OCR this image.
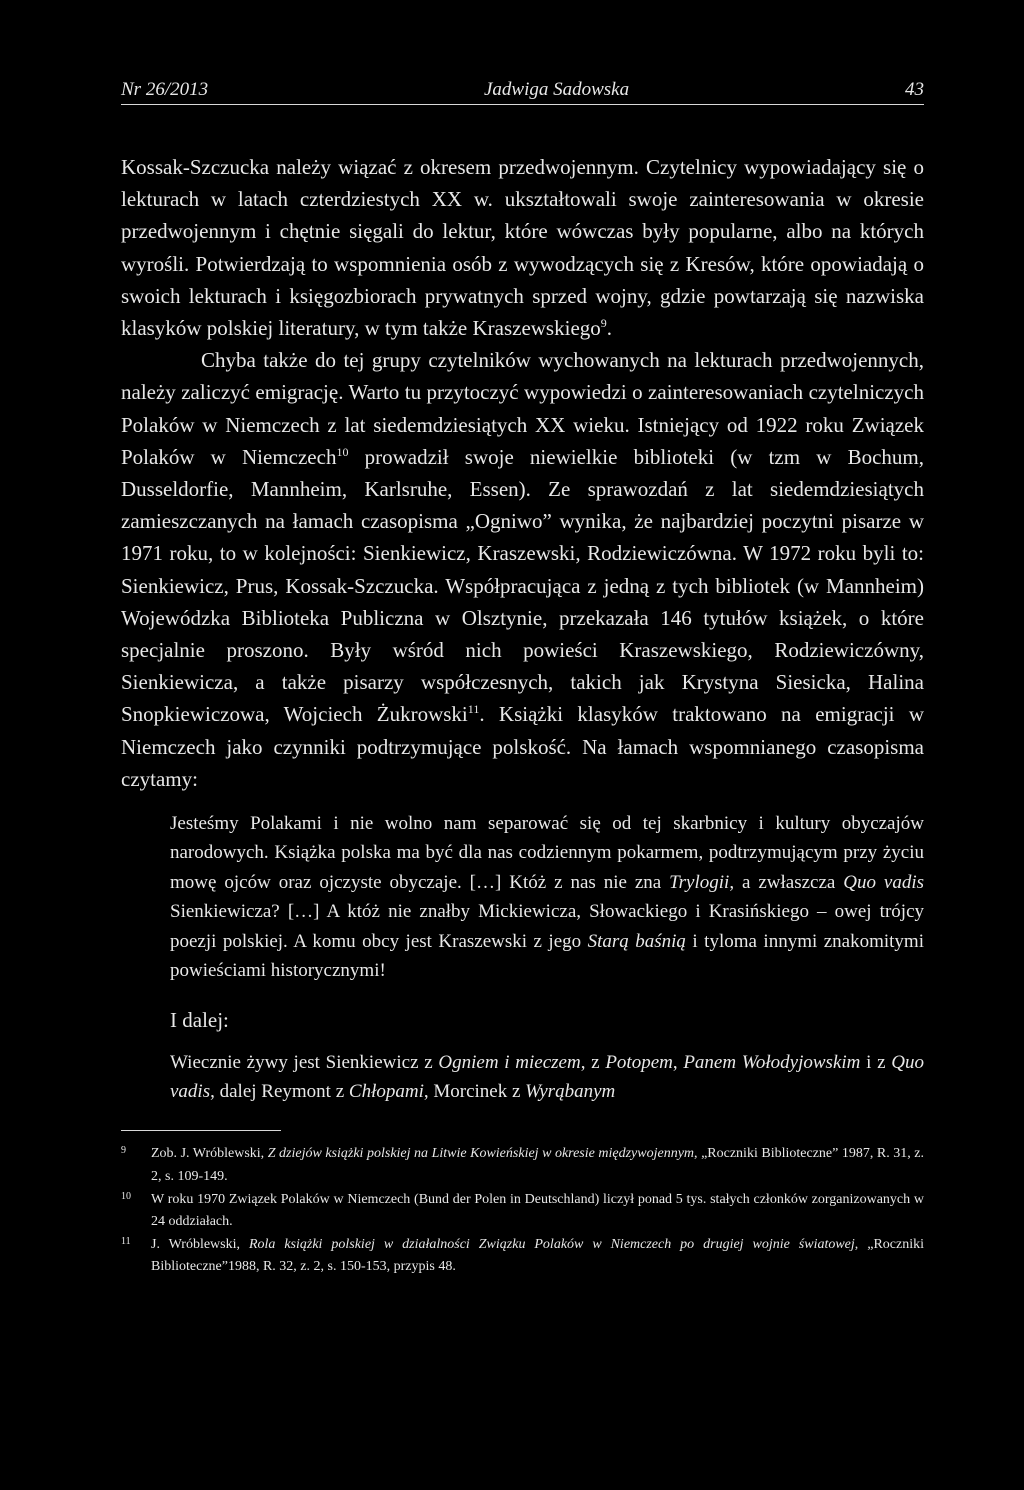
Nr 26/2013	Jadwiga Sadowska	43

Kossak-Szczucka należy wiązać z okresem przedwojennym. Czytelnicy wypowiadający się o lekturach w latach czterdziestych XX w. ukształtowali swoje zainteresowania w okresie przedwojennym i chętnie sięgali do lektur, które wówczas były popularne, albo na których wyrośli. Potwierdzają to wspomnienia osób z wywodzących się z Kresów, które opowiadają o swoich lekturach i księgozbiorach prywatnych sprzed wojny, gdzie powtarzają się nazwiska klasyków polskiej literatury, w tym także Kraszewskiego$^9$.

Chyba także do tej grupy czytelników wychowanych na lekturach przedwojennych, należy zaliczyć emigrację. Warto tu przytoczyć wypowiedzi o zainteresowaniach czytelniczych Polaków w Niemczech z lat siedemdziesiątych XX wieku. Istniejący od 1922 roku Związek Polaków w Niemczech$^{10}$ prowadził swoje niewielkie biblioteki (w tzm w Bochum, Dusseldorfie, Mannheim, Karlsruhe, Essen). Ze sprawozdań z lat siedemdziesiątych zamieszczanych na łamach czasopisma „Ogniwo” wynika, że najbardziej poczytni pisarze w 1971 roku, to w kolejności: Sienkiewicz, Kraszewski, Rodziewiczówna. W 1972 roku byli to: Sienkiewicz, Prus, Kossak-Szczucka. Współpracująca z jedną z tych bibliotek (w Mannheim) Wojewódzka Biblioteka Publiczna w Olsztynie, przekazała 146 tytułów książek, o które specjalnie proszono. Były wśród nich powieści Kraszewskiego, Rodziewiczówny, Sienkiewicza, a także pisarzy współczesnych, takich jak Krystyna Siesicka, Halina Snopkiewiczowa, Wojciech Żukrowski$^{11}$. Książki klasyków traktowano na emigracji w Niemczech jako czynniki podtrzymujące polskość. Na łamach wspomnianego czasopisma czytamy:

Jesteśmy Polakami i nie wolno nam separować się od tej skarbnicy i kultury obyczajów narodowych. Książka polska ma być dla nas codziennym pokarmem, podtrzymującym przy życiu mowę ojców oraz ojczyste obyczaje. […] Któż z nas nie zna Trylogii, a zwłaszcza Quo vadis Sienkiewicza? […] A któż nie znałby Mickiewicza, Słowackiego i Krasińskiego – owej trójcy poezji polskiej. A komu obcy jest Kraszewski z jego Starą baśnią i tyloma innymi znakomitymi powieściami historycznymi!

I dalej:

Wiecznie żywy jest Sienkiewicz z Ogniem i mieczem, z Potopem, Panem Wołodyjowskim i z Quo vadis, dalej Reymont z Chłopami, Morcinek z Wyrąbanym

9	Zob. J. Wróblewski, Z dziejów książki polskiej na Litwie Kowieńskiej w okresie międzywojennym, „Roczniki Biblioteczne” 1987, R. 31, z. 2, s. 109-149.
10	W roku 1970 Związek Polaków w Niemczech (Bund der Polen in Deutschland) liczył ponad 5 tys. stałych członków zorganizowanych w 24 oddziałach.
11	J. Wróblewski, Rola książki polskiej w działalności Związku Polaków w Niemczech po drugiej wojnie światowej, „Roczniki Biblioteczne”1988, R. 32, z. 2, s. 150-153, przypis 48.
